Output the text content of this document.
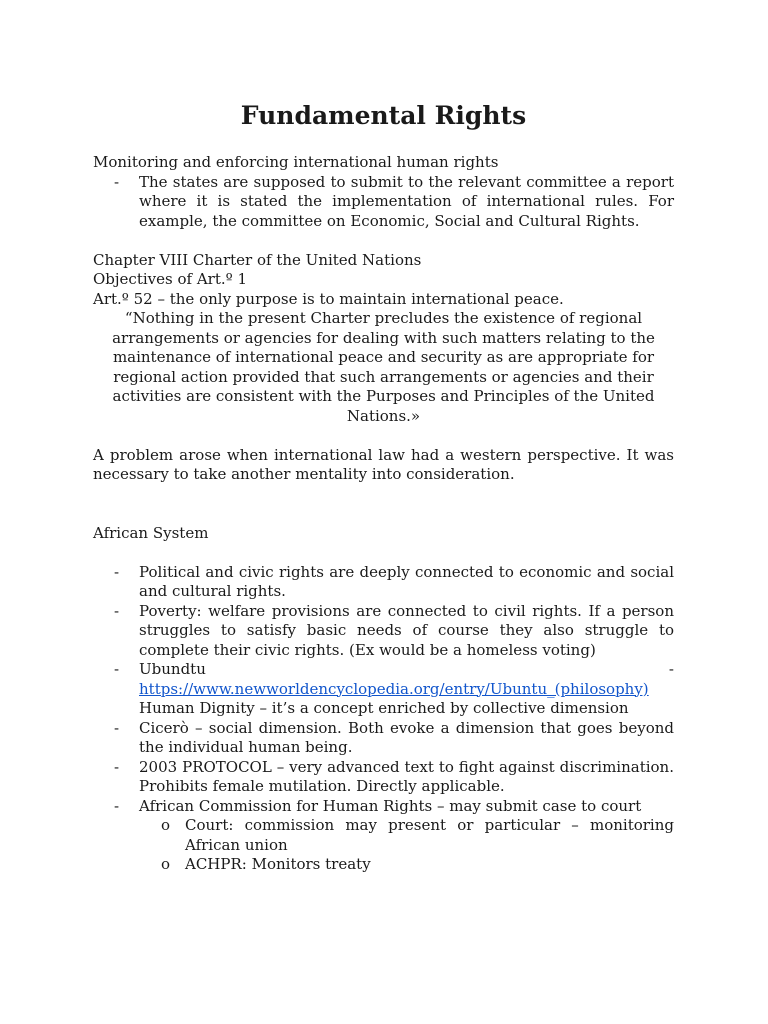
Fundamental Rights

Monitoring and enforcing international human rights

- The states are supposed to submit to the relevant committee a report where it is stated the implementation of international rules. For example, the committee on Economic, Social and Cultural Rights.

Chapter VIII Charter of the United Nations

Objectives of Art.º 1

Art.º 52 – the only purpose is to maintain international peace.

“Nothing in the present Charter precludes the existence of regional arrangements or agencies for dealing with such matters relating to the maintenance of international peace and security as are appropriate for regional action provided that such arrangements or agencies and their activities are consistent with the Purposes and Principles of the United Nations.»

A problem arose when international law had a western perspective. It was necessary to take another mentality into consideration.

African System

- Political and civic rights are deeply connected to economic and social and cultural rights.
- Poverty: welfare provisions are connected to civil rights. If a person struggles to satisfy basic needs of course they also struggle to complete their civic rights. (Ex would be a homeless voting)
- Ubundtu	-
https://www.newworldencyclopedia.org/entry/Ubuntu_(philosophy)
Human Dignity – it’s a concept enriched by collective dimension
- Cicerò – social dimension. Both evoke a dimension that goes beyond the individual human being.
- 2003 PROTOCOL – very advanced text to fight against discrimination. Prohibits female mutilation. Directly applicable.
- African Commission for Human Rights – may submit case to court
o Court: commission may present or particular – monitoring African union
o ACHPR: Monitors treaty
